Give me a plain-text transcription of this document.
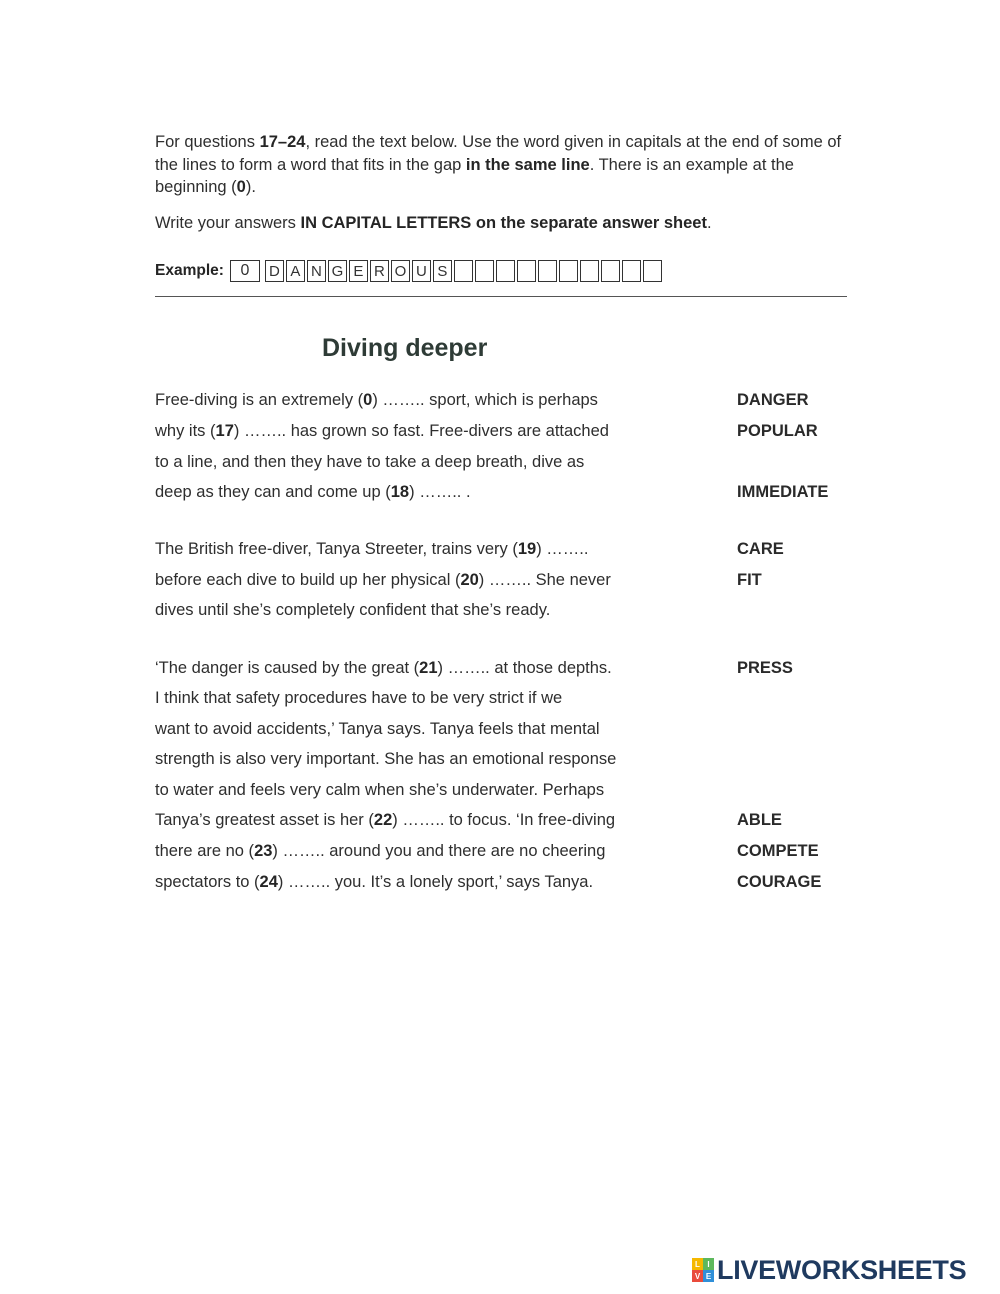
For questions 17–24, read the text below. Use the word given in capitals at the end of some of the lines to form a word that fits in the gap in the same line. There is an example at the beginning (0).

Write your answers IN CAPITAL LETTERS on the separate answer sheet.

Example:	0	D A N G E R O U S
Diving deeper
Free-diving is an extremely (0) …….. sport, which is perhaps	DANGER
why its (17) …….. has grown so fast. Free-divers are attached	POPULAR
to a line, and then they have to take a deep breath, dive as
deep as they can and come up (18) …….. .	IMMEDIATE
The British free-diver, Tanya Streeter, trains very (19) ……..	CARE
before each dive to build up her physical (20) …….. She never	FIT
dives until she’s completely confident that she’s ready.
‘The danger is caused by the great (21) …….. at those depths.	PRESS
I think that safety procedures have to be very strict if we
want to avoid accidents,’ Tanya says. Tanya feels that mental
strength is also very important. She has an emotional response
to water and feels very calm when she’s underwater. Perhaps
Tanya’s greatest asset is her (22) …….. to focus. ‘In free-diving	ABLE
there are no (23) …….. around you and there are no cheering	COMPETE
spectators to (24) …….. you. It’s a lonely sport,’ says Tanya.	COURAGE
L I
V E LIVEWORKSHEETS
